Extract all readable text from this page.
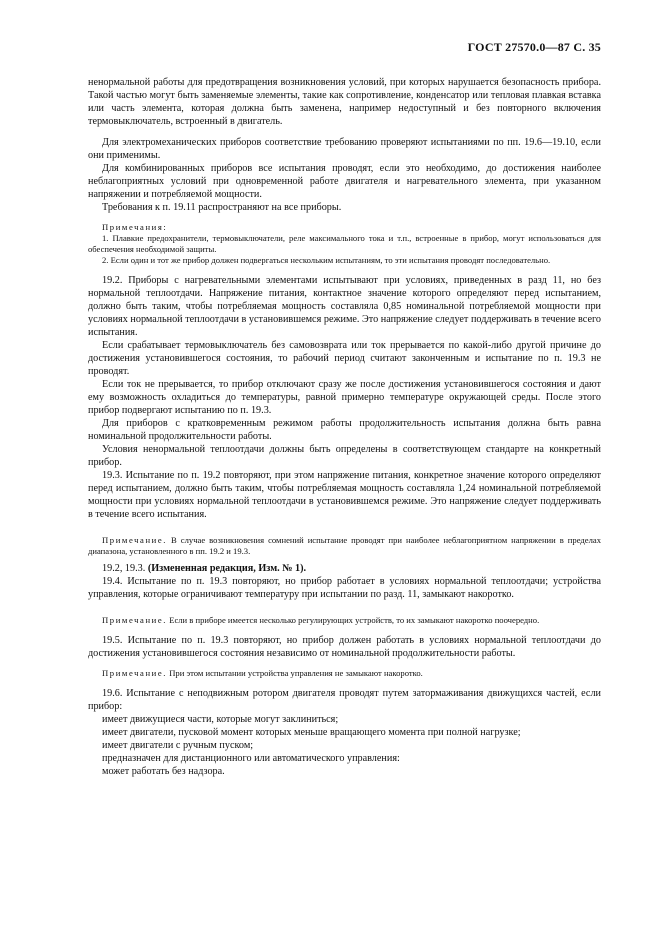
ГОСТ 27570.0—87 С. 35

ненормальной работы для предотвращения возникновения условий, при которых нарушается безопасность прибора. Такой частью могут быть заменяемые элементы, такие как сопротивление, конденсатор или тепловая плавкая вставка или часть элемента, которая должна быть заменена, например недоступный и без повторного включения термовыключатель, встроенный в двигатель.

Для электромеханических приборов соответствие требованию проверяют испытаниями по пп. 19.6—19.10, если они применимы.

Для комбинированных приборов все испытания проводят, если это необходимо, до достижения наиболее неблагоприятных условий при одновременной работе двигателя и нагревательного элемента, при указанном напряжении и потребляемой мощности.

Требования к п. 19.11 распространяют на все приборы.

Примечания:

1. Плавкие предохранители, термовыключатели, реле максимального тока и т.п., встроенные в прибор, могут использоваться для обеспечения необходимой защиты.

2. Если один и тот же прибор должен подвергаться нескольким испытаниям, то эти испытания проводят последовательно.

19.2. Приборы с нагревательными элементами испытывают при условиях, приведенных в разд 11, но без нормальной теплоотдачи. Напряжение питания, контактное значение которого определяют перед испытанием, должно быть таким, чтобы потребляемая мощность составляла 0,85 номинальной потребляемой мощности при условиях нормальной теплоотдачи в установившемся режиме. Это напряжение следует поддерживать в течение всего испытания.

Если срабатывает термовыключатель без самовозврата или ток прерывается по какой-либо другой причине до достижения установившегося состояния, то рабочий период считают законченным и испытание по п. 19.3 не проводят.

Если ток не прерывается, то прибор отключают сразу же после достижения установившегося состояния и дают ему возможность охладиться до температуры, равной примерно температуре окружающей среды. После этого прибор подвергают испытанию по п. 19.3.

Для приборов с кратковременным режимом работы продолжительность испытания должна быть равна номинальной продолжительности работы.

Условия ненормальной теплоотдачи должны быть определены в соответствующем стандарте на конкретный прибор.

19.3. Испытание по п. 19.2 повторяют, при этом напряжение питания, конкретное значение которого определяют перед испытанием, должно быть таким, чтобы потребляемая мощность составляла 1,24 номинальной потребляемой мощности при условиях нормальной теплоотдачи в установившемся режиме. Это напряжение следует поддерживать в течение всего испытания.

Примечание. В случае возникновения сомнений испытание проводят при наиболее неблагоприятном напряжении в пределах диапазона, установленного в пп. 19.2 и 19.3.

19.2, 19.3. (Измененная редакция, Изм. № 1).

19.4. Испытание по п. 19.3 повторяют, но прибор работает в условиях нормальной теплоотдачи; устройства управления, которые ограничивают температуру при испытании по разд. 11, замыкают накоротко.

Примечание. Если в приборе имеется несколько регулирующих устройств, то их замыкают накоротко поочередно.

19.5. Испытание по п. 19.3 повторяют, но прибор должен работать в условиях нормальной теплоотдачи до достижения установившегося состояния независимо от номинальной продолжительности работы.

Примечание. При этом испытании устройства управления не замыкают накоротко.

19.6. Испытание с неподвижным ротором двигателя проводят путем затормаживания движущихся частей, если прибор:

имеет движущиеся части, которые могут заклиниться;

имеет двигатели, пусковой момент которых меньше вращающего момента при полной нагрузке;

имеет двигатели с ручным пуском;

предназначен для дистанционного или автоматического управления:

может работать без надзора.
